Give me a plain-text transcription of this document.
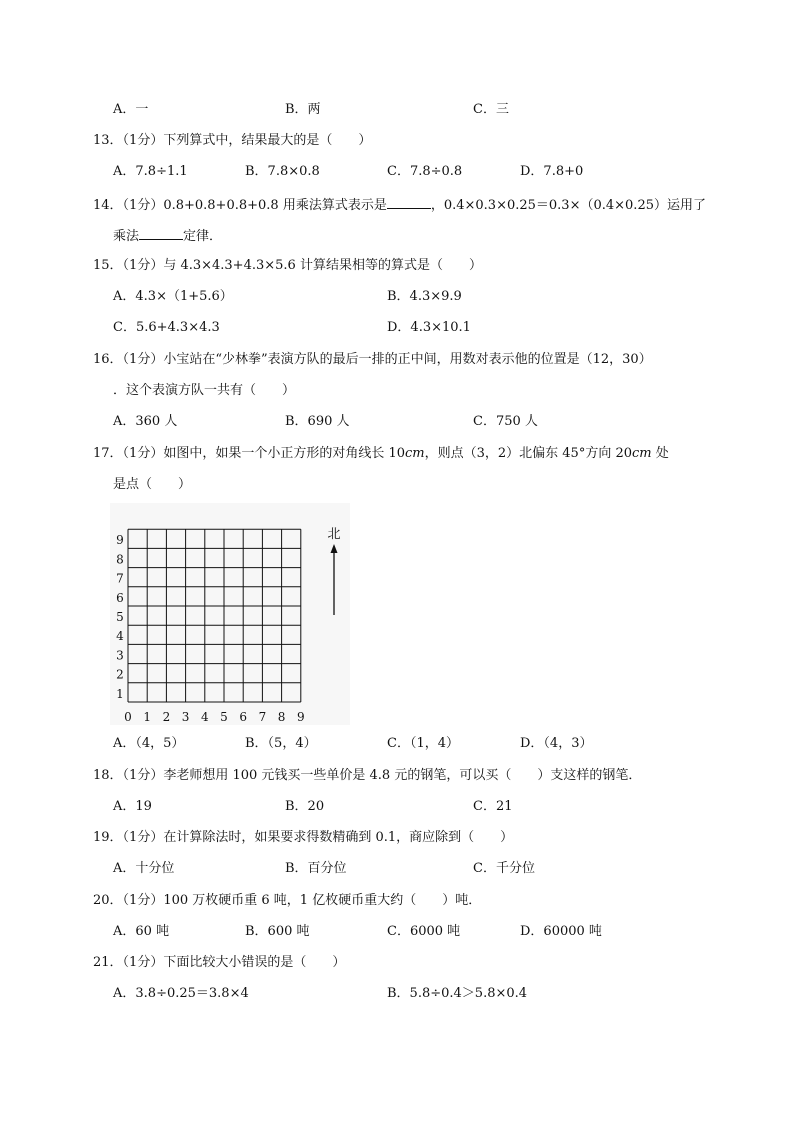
A．一	B．两	C．三
13．（1分）下列算式中，结果最大的是（　　）
A．7.8÷1.1	B．7.8×0.8	C．7.8÷0.8	D．7.8+0
14．（1分）0.8+0.8+0.8+0.8 用乘法算式表示是	，0.4×0.3×0.25＝0.3×（0.4×0.25）运用了
乘法	定律．
15．（1分）与 4.3×4.3+4.3×5.6 计算结果相等的算式是（　　）
A．4.3×（1+5.6）	B．4.3×9.9
C．5.6+4.3×4.3	D．4.3×10.1
16．（1分）小宝站在“少林拳”表演方队的最后一排的正中间，用数对表示他的位置是（12，30）
．这个表演方队一共有（　　）
A．360 人	B．690 人	C．750 人
17．（1分）如图中，如果一个小正方形的对角线长 10cm，则点（3，2）北偏东 45°方向 20cm 处
是点（　　）
0 1 2 3 4 5 6 7 8 9
1
2
3
4
5
6
7
8
9	北
A．（4，5）	B．（5，4）	C．（1，4）	D．（4，3）
18．（1分）李老师想用 100 元钱买一些单价是 4.8 元的钢笔，可以买（　　）支这样的钢笔．
A．19	B．20	C．21
19．（1分）在计算除法时，如果要求得数精确到 0.1，商应除到（　　）
A．十分位	B．百分位	C．千分位
20．（1分）100 万枚硬币重 6 吨，1 亿枚硬币重大约（　　）吨．
A．60 吨	B．600 吨	C．6000 吨	D．60000 吨
21．（1分）下面比较大小错误的是（　　）
A．3.8÷0.25＝3.8×4	B．5.8÷0.4＞5.8×0.4
